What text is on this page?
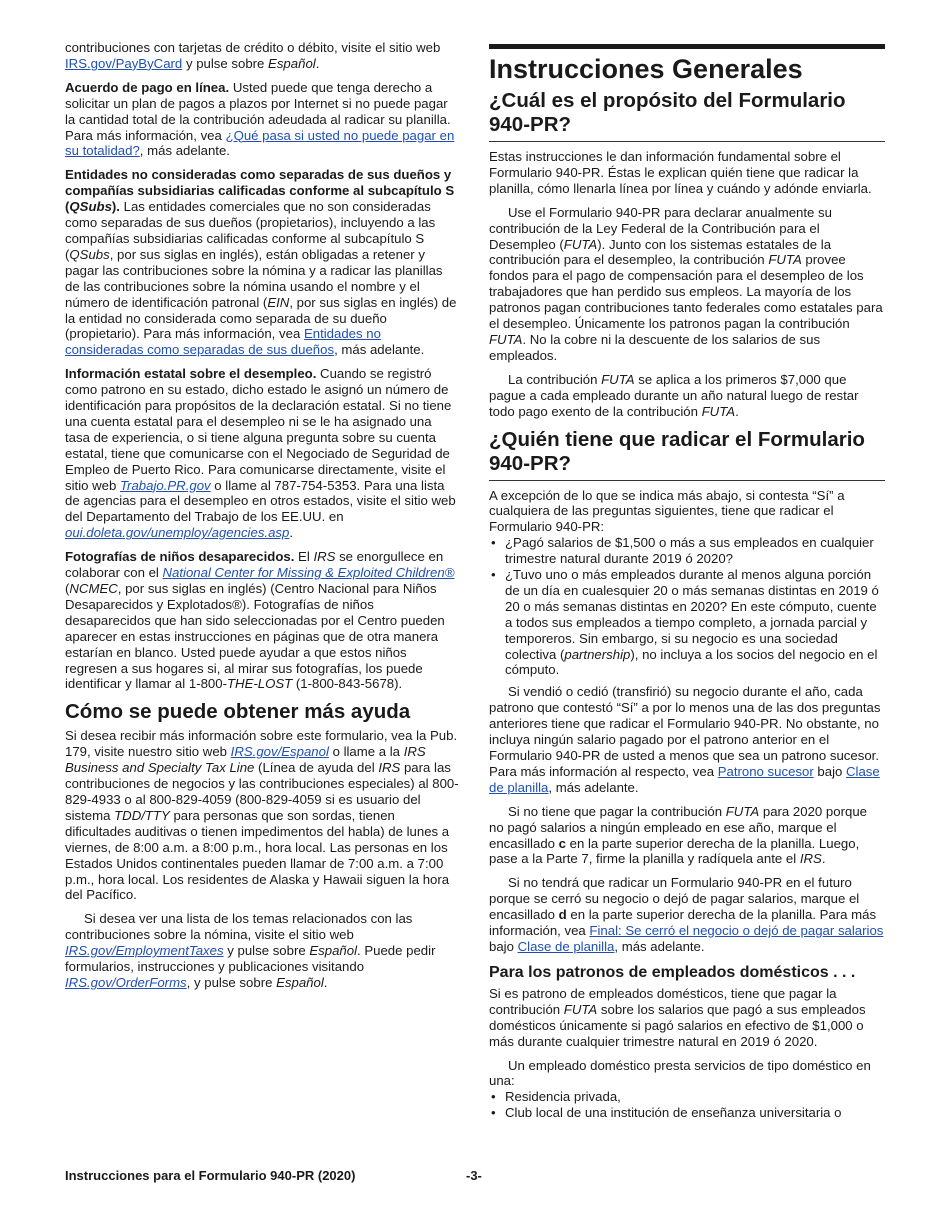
contribuciones con tarjetas de crédito o débito, visite el sitio web IRS.gov/PayByCard y pulse sobre Español.

Acuerdo de pago en línea. Usted puede que tenga derecho a solicitar un plan de pagos a plazos por Internet si no puede pagar la cantidad total de la contribución adeudada al radicar su planilla. Para más información, vea ¿Qué pasa si usted no puede pagar en su totalidad?, más adelante.

Entidades no consideradas como separadas de sus dueños y compañías subsidiarias calificadas conforme al subcapítulo S (QSubs). Las entidades comerciales que no son consideradas como separadas de sus dueños (propietarios), incluyendo a las compañías subsidiarias calificadas conforme al subcapítulo S (QSubs, por sus siglas en inglés), están obligadas a retener y pagar las contribuciones sobre la nómina y a radicar las planillas de las contribuciones sobre la nómina usando el nombre y el número de identificación patronal (EIN, por sus siglas en inglés) de la entidad no considerada como separada de su dueño (propietario). Para más información, vea Entidades no consideradas como separadas de sus dueños, más adelante.

Información estatal sobre el desempleo. Cuando se registró como patrono en su estado, dicho estado le asignó un número de identificación para propósitos de la declaración estatal. Si no tiene una cuenta estatal para el desempleo ni se le ha asignado una tasa de experiencia, o si tiene alguna pregunta sobre su cuenta estatal, tiene que comunicarse con el Negociado de Seguridad de Empleo de Puerto Rico. Para comunicarse directamente, visite el sitio web Trabajo.PR.gov o llame al 787-754-5353. Para una lista de agencias para el desempleo en otros estados, visite el sitio web del Departamento del Trabajo de los EE.UU. en oui.doleta.gov/unemploy/agencies.asp.

Fotografías de niños desaparecidos. El IRS se enorgullece en colaborar con el National Center for Missing & Exploited Children® (NCMEC, por sus siglas en inglés) (Centro Nacional para Niños Desaparecidos y Explotados®). Fotografías de niños desaparecidos que han sido seleccionadas por el Centro pueden aparecer en estas instrucciones en páginas que de otra manera estarían en blanco. Usted puede ayudar a que estos niños regresen a sus hogares si, al mirar sus fotografías, los puede identificar y llamar al 1-800-THE-LOST (1-800-843-5678).

Cómo se puede obtener más ayuda

Si desea recibir más información sobre este formulario, vea la Pub. 179, visite nuestro sitio web IRS.gov/Espanol o llame a la IRS Business and Specialty Tax Line (Línea de ayuda del IRS para las contribuciones de negocios y las contribuciones especiales) al 800-829-4933 o al 800-829-4059 (800-829-4059 si es usuario del sistema TDD/TTY para personas que son sordas, tienen dificultades auditivas o tienen impedimentos del habla) de lunes a viernes, de 8:00 a.m. a 8:00 p.m., hora local. Las personas en los Estados Unidos continentales pueden llamar de 7:00 a.m. a 7:00 p.m., hora local. Los residentes de Alaska y Hawaii siguen la hora del Pacífico.

Si desea ver una lista de los temas relacionados con las contribuciones sobre la nómina, visite el sitio web IRS.gov/EmploymentTaxes y pulse sobre Español. Puede pedir formularios, instrucciones y publicaciones visitando IRS.gov/OrderForms, y pulse sobre Español.

Instrucciones Generales
¿Cuál es el propósito del Formulario 940-PR?

Estas instrucciones le dan información fundamental sobre el Formulario 940-PR. Éstas le explican quién tiene que radicar la planilla, cómo llenarla línea por línea y cuándo y adónde enviarla.

Use el Formulario 940-PR para declarar anualmente su contribución de la Ley Federal de la Contribución para el Desempleo (FUTA). Junto con los sistemas estatales de la contribución para el desempleo, la contribución FUTA provee fondos para el pago de compensación para el desempleo de los trabajadores que han perdido sus empleos. La mayoría de los patronos pagan contribuciones tanto federales como estatales para el desempleo. Únicamente los patronos pagan la contribución FUTA. No la cobre ni la descuente de los salarios de sus empleados.

La contribución FUTA se aplica a los primeros $7,000 que pague a cada empleado durante un año natural luego de restar todo pago exento de la contribución FUTA.

¿Quién tiene que radicar el Formulario 940-PR?

A excepción de lo que se indica más abajo, si contesta “Sí” a cualquiera de las preguntas siguientes, tiene que radicar el Formulario 940-PR:

• ¿Pagó salarios de $1,500 o más a sus empleados en cualquier trimestre natural durante 2019 ó 2020?
• ¿Tuvo uno o más empleados durante al menos alguna porción de un día en cualesquier 20 o más semanas distintas en 2019 ó 20 o más semanas distintas en 2020? En este cómputo, cuente a todos sus empleados a tiempo completo, a jornada parcial y temporeros. Sin embargo, si su negocio es una sociedad colectiva (partnership), no incluya a los socios del negocio en el cómputo.

Si vendió o cedió (transfirió) su negocio durante el año, cada patrono que contestó “Sí” a por lo menos una de las dos preguntas anteriores tiene que radicar el Formulario 940-PR. No obstante, no incluya ningún salario pagado por el patrono anterior en el Formulario 940-PR de usted a menos que sea un patrono sucesor. Para más información al respecto, vea Patrono sucesor bajo Clase de planilla, más adelante.

Si no tiene que pagar la contribución FUTA para 2020 porque no pagó salarios a ningún empleado en ese año, marque el encasillado c en la parte superior derecha de la planilla. Luego, pase a la Parte 7, firme la planilla y radíquela ante el IRS.

Si no tendrá que radicar un Formulario 940-PR en el futuro porque se cerró su negocio o dejó de pagar salarios, marque el encasillado d en la parte superior derecha de la planilla. Para más información, vea Final: Se cerró el negocio o dejó de pagar salarios bajo Clase de planilla, más adelante.

Para los patronos de empleados domésticos . . .

Si es patrono de empleados domésticos, tiene que pagar la contribución FUTA sobre los salarios que pagó a sus empleados domésticos únicamente si pagó salarios en efectivo de $1,000 o más durante cualquier trimestre natural en 2019 ó 2020.

Un empleado doméstico presta servicios de tipo doméstico en una:

• Residencia privada,
• Club local de una institución de enseñanza universitaria o
Instrucciones para el Formulario 940-PR (2020)	-3-
